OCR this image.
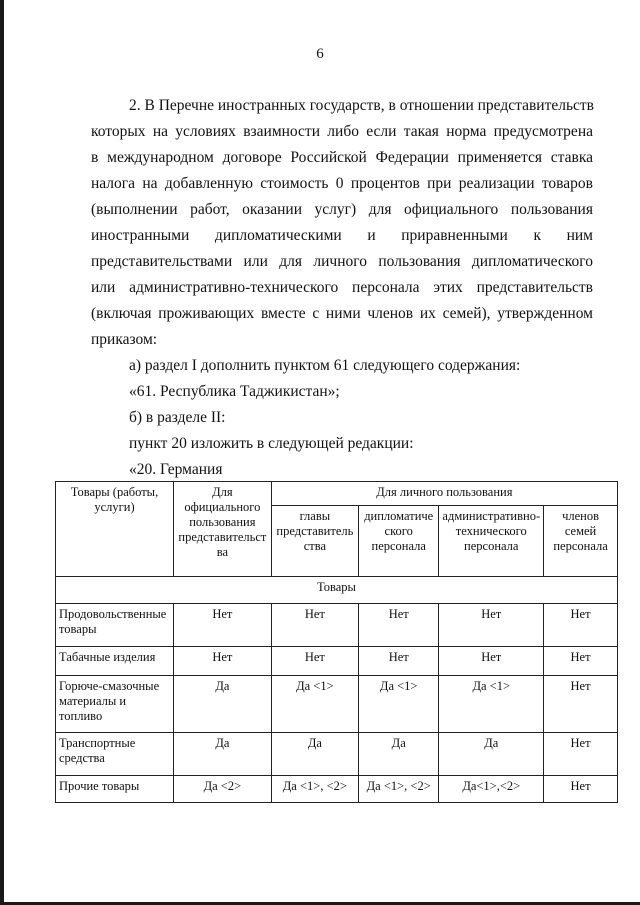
6
2. В Перечне иностранных государств, в отношении представительств
которых на условиях взаимности либо если такая норма предусмотрена
в международном договоре Российской Федерации применяется ставка
налога на добавленную стоимость 0 процентов при реализации товаров
(выполнении работ, оказании услуг) для официального пользования
иностранными дипломатическими и приравненными к ним
представительствами или для личного пользования дипломатического
или административно-технического персонала этих представительств
(включая проживающих вместе с ними членов их семей), утвержденном
приказом:
а) раздел I дополнить пунктом 61 следующего содержания:
«61. Республика Таджикистан»;
б) в разделе II:
пункт 20 изложить в следующей редакции:
«20. Германия
Товары (работы, услуги)	Для официального пользования представительст ва	Для личного пользования			
		главы представитель ства	дипломатиче ского персонала	административно-технического персонала	членов семей персонала
Товары					
Продовольственные товары	Нет	Нет	Нет	Нет	Нет
Табачные изделия	Нет	Нет	Нет	Нет	Нет
Горюче-смазочные материалы и топливо	Да	Да <1>	Да <1>	Да <1>	Нет
Транспортные средства	Да	Да	Да	Да	Нет
Прочие товары	Да <2>	Да <1>, <2>	Да <1>, <2>	Да<1>,<2>	Нет
